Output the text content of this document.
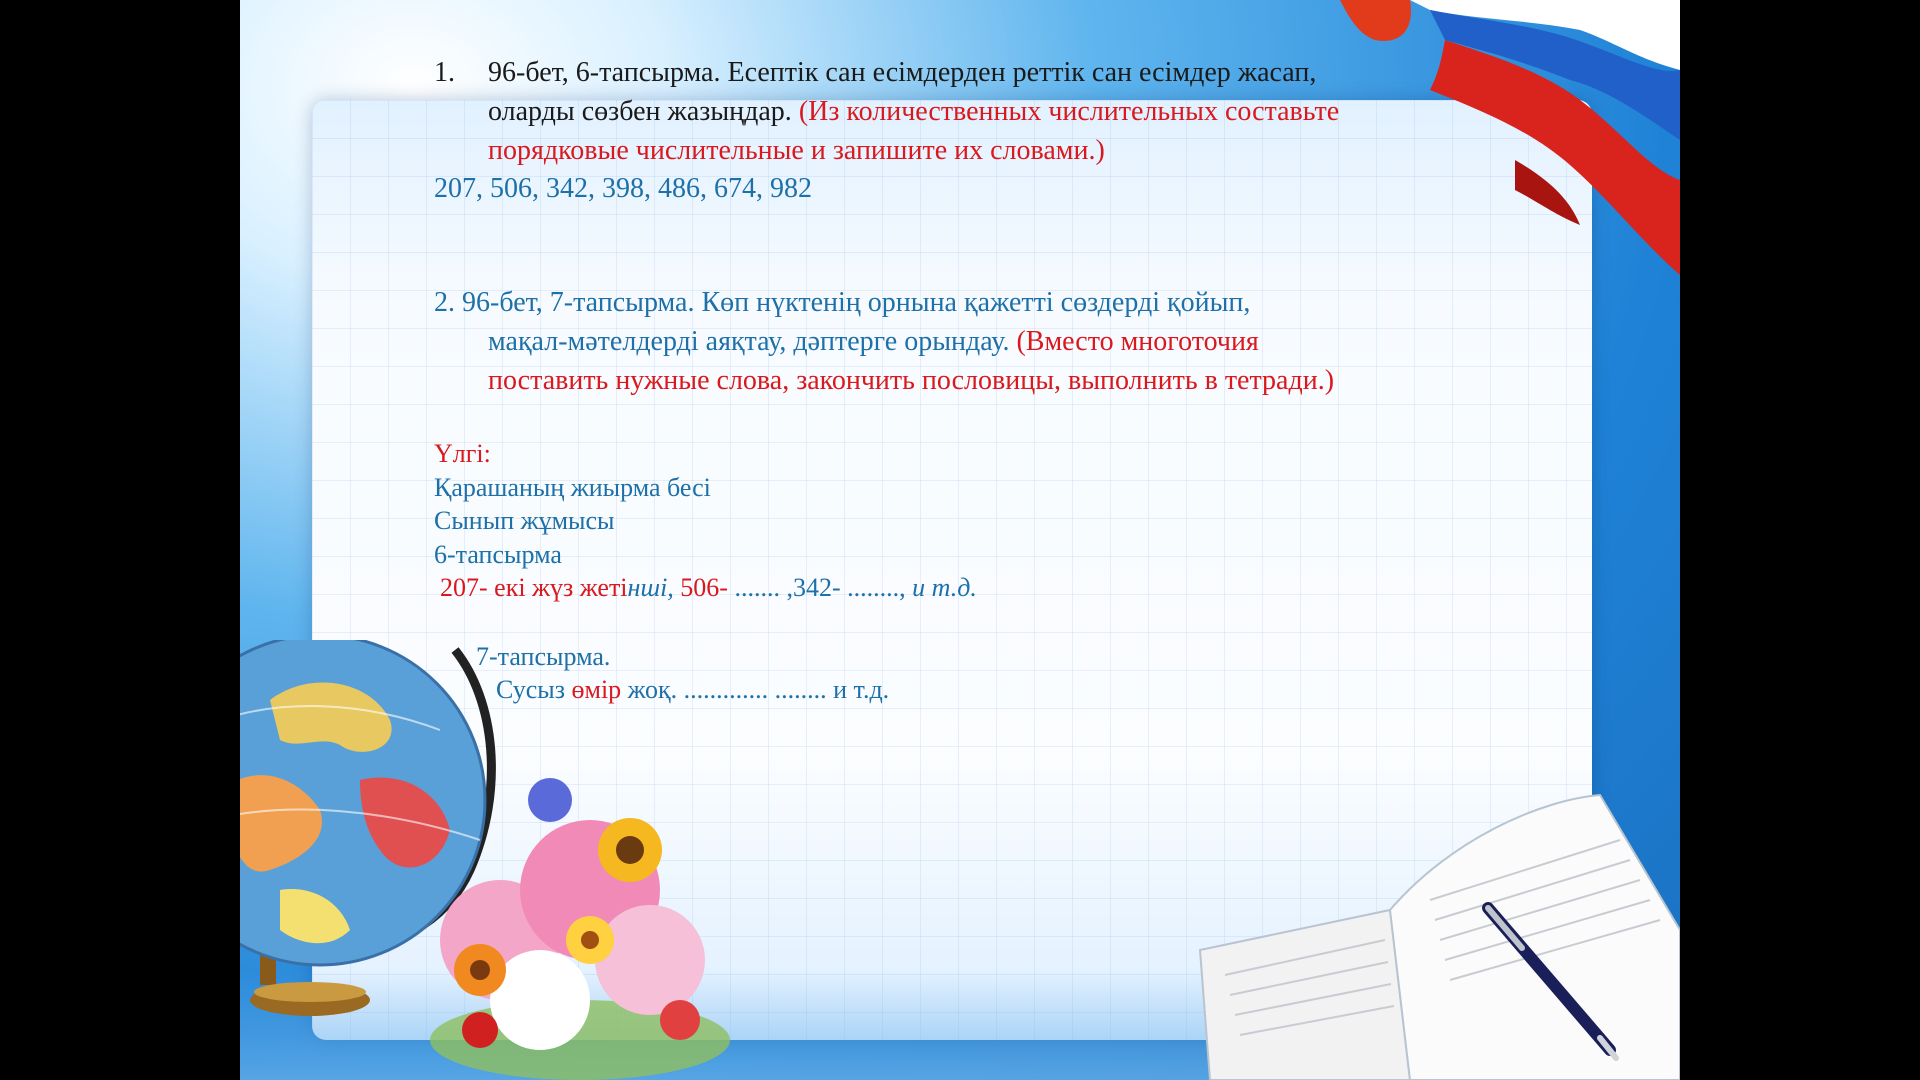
1. 96-бет, 6-тапсырма. Есептік сан есімдерден реттік сан есімдер жасап,
оларды сөзбен жазыңдар. (Из количественных числительных составьте
порядковые числительные и запишите их словами.)
207, 506, 342, 398, 486, 674, 982
2. 96-бет, 7-тапсырма. Көп нүктенің орнына қажетті сөздерді қойып,
мақал-мәтелдерді аяқтау, дәптерге орындау. (Вместо многоточия
поставить нужные слова, закончить пословицы, выполнить в тетради.)
Үлгі:
Қарашаның жиырма бесі
Сынып жұмысы
6-тапсырма
207- екі жүз жетінші, 506- ....... ,342- ........, и т.д.
7-тапсырма.
Сусыз өмір жоқ. ............. ........ и т.д.
